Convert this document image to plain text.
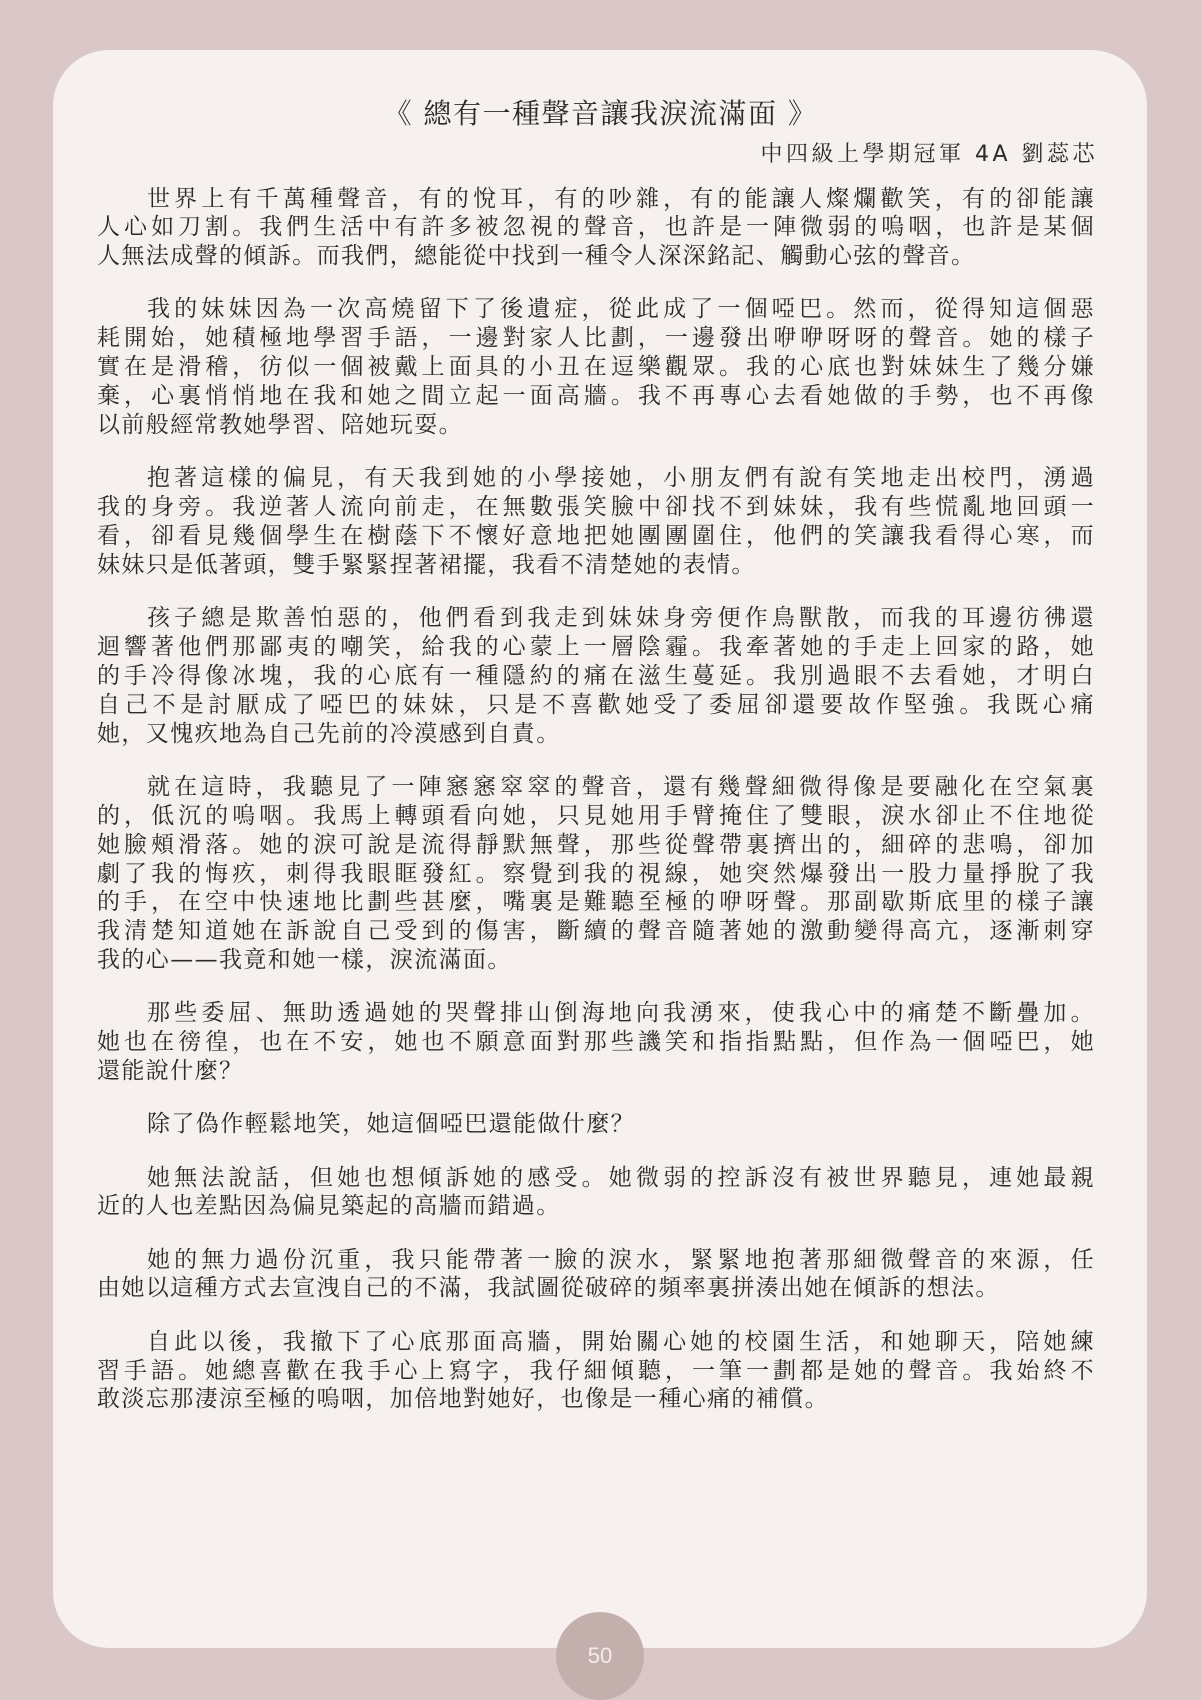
《 總有一種聲音讓我淚流滿面 》
中四級上學期冠軍 4A 劉蕊芯
世界上有千萬種聲音，有的悅耳，有的吵雜，有的能讓人燦爛歡笑，有的卻能讓
人心如刀割。我們生活中有許多被忽視的聲音，也許是一陣微弱的嗚咽，也許是某個
人無法成聲的傾訴。而我們，總能從中找到一種令人深深銘記、觸動心弦的聲音。
我的妹妹因為一次高燒留下了後遺症，從此成了一個啞巴。然而，從得知這個惡
耗開始，她積極地學習手語，一邊對家人比劃，一邊發出咿咿呀呀的聲音。她的樣子
實在是滑稽，彷似一個被戴上面具的小丑在逗樂觀眾。我的心底也對妹妹生了幾分嫌
棄，心裏悄悄地在我和她之間立起一面高牆。我不再專心去看她做的手勢，也不再像
以前般經常教她學習、陪她玩耍。
抱著這樣的偏見，有天我到她的小學接她，小朋友們有說有笑地走出校門，湧過
我的身旁。我逆著人流向前走，在無數張笑臉中卻找不到妹妹，我有些慌亂地回頭一
看，卻看見幾個學生在樹蔭下不懷好意地把她團團圍住，他們的笑讓我看得心寒，而
妹妹只是低著頭，雙手緊緊捏著裙擺，我看不清楚她的表情。
孩子總是欺善怕惡的，他們看到我走到妹妹身旁便作鳥獸散，而我的耳邊彷彿還
迴響著他們那鄙夷的嘲笑，給我的心蒙上一層陰霾。我牽著她的手走上回家的路，她
的手冷得像冰塊，我的心底有一種隱約的痛在滋生蔓延。我別過眼不去看她，才明白
自己不是討厭成了啞巴的妹妹，只是不喜歡她受了委屈卻還要故作堅強。我既心痛
她，又愧疚地為自己先前的冷漠感到自責。
就在這時，我聽見了一陣窸窸窣窣的聲音，還有幾聲細微得像是要融化在空氣裏
的，低沉的嗚咽。我馬上轉頭看向她，只見她用手臂掩住了雙眼，淚水卻止不住地從
她臉頰滑落。她的淚可說是流得靜默無聲，那些從聲帶裏擠出的，細碎的悲鳴，卻加
劇了我的悔疚，刺得我眼眶發紅。察覺到我的視線，她突然爆發出一股力量掙脫了我
的手，在空中快速地比劃些甚麼，嘴裏是難聽至極的咿呀聲。那副歇斯底里的樣子讓
我清楚知道她在訴說自己受到的傷害，斷續的聲音隨著她的激動變得高亢，逐漸刺穿
我的心——我竟和她一樣，淚流滿面。
那些委屈、無助透過她的哭聲排山倒海地向我湧來，使我心中的痛楚不斷疊加。
她也在徬徨，也在不安，她也不願意面對那些譏笑和指指點點，但作為一個啞巴，她
還能說什麼？
除了偽作輕鬆地笑，她這個啞巴還能做什麼？
她無法說話，但她也想傾訴她的感受。她微弱的控訴沒有被世界聽見，連她最親
近的人也差點因為偏見築起的高牆而錯過。
她的無力過份沉重，我只能帶著一臉的淚水，緊緊地抱著那細微聲音的來源，任
由她以這種方式去宣洩自己的不滿，我試圖從破碎的頻率裏拼湊出她在傾訴的想法。
自此以後，我撤下了心底那面高牆，開始關心她的校園生活，和她聊天，陪她練
習手語。她總喜歡在我手心上寫字，我仔細傾聽，一筆一劃都是她的聲音。我始終不
敢淡忘那淒涼至極的嗚咽，加倍地對她好，也像是一種心痛的補償。
50
